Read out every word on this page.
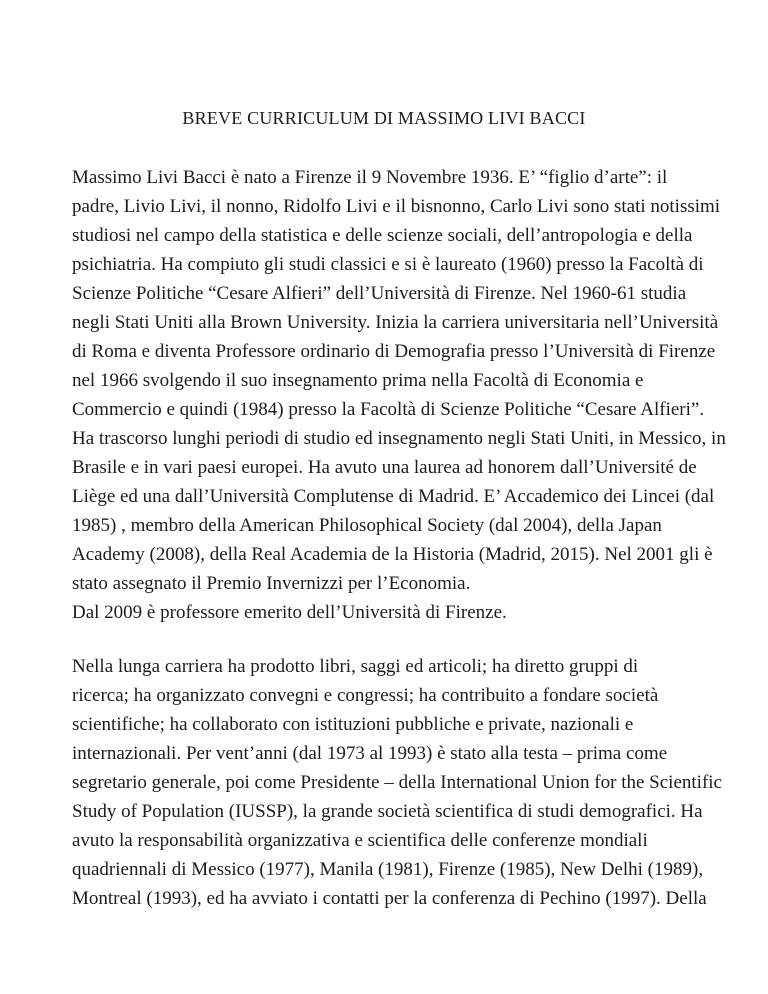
BREVE CURRICULUM DI MASSIMO LIVI BACCI
Massimo Livi Bacci è nato a Firenze il 9 Novembre 1936. E’ “figlio d’arte”: il
padre, Livio Livi, il nonno, Ridolfo Livi e il bisnonno, Carlo Livi sono stati notissimi
studiosi nel campo della statistica e delle scienze sociali, dell’antropologia e della
psichiatria. Ha compiuto gli studi classici e si è laureato (1960) presso la Facoltà di
Scienze Politiche “Cesare Alfieri” dell’Università di Firenze. Nel 1960-61 studia
negli Stati Uniti alla Brown University. Inizia la carriera universitaria nell’Università
di Roma e diventa Professore ordinario di Demografia presso l’Università di Firenze
nel 1966 svolgendo il suo insegnamento prima nella Facoltà di Economia e
Commercio e quindi (1984) presso la Facoltà di Scienze Politiche “Cesare Alfieri”.
Ha trascorso lunghi periodi di studio ed insegnamento negli Stati Uniti, in Messico, in
Brasile e in vari paesi europei. Ha avuto una laurea ad honorem dall’Université de
Liège ed una dall’Università Complutense di Madrid. E’ Accademico dei Lincei (dal
1985) , membro della American Philosophical Society (dal 2004), della Japan
Academy (2008), della Real Academia de la Historia (Madrid, 2015). Nel 2001 gli è
stato assegnato il Premio Invernizzi per l’Economia.
Dal 2009 è professore emerito dell’Università di Firenze.
Nella lunga carriera ha prodotto libri, saggi ed articoli; ha diretto gruppi di
ricerca; ha organizzato convegni e congressi; ha contribuito a fondare società
scientifiche; ha collaborato con istituzioni pubbliche e private, nazionali e
internazionali. Per vent’anni (dal 1973 al 1993) è stato alla testa – prima come
segretario generale, poi come Presidente – della International Union for the Scientific
Study of Population (IUSSP), la grande società scientifica di studi demografici. Ha
avuto la responsabilità organizzativa e scientifica delle conferenze mondiali
quadriennali di Messico (1977), Manila (1981), Firenze (1985), New Delhi (1989),
Montreal (1993), ed ha avviato i contatti per la conferenza di Pechino (1997). Della
